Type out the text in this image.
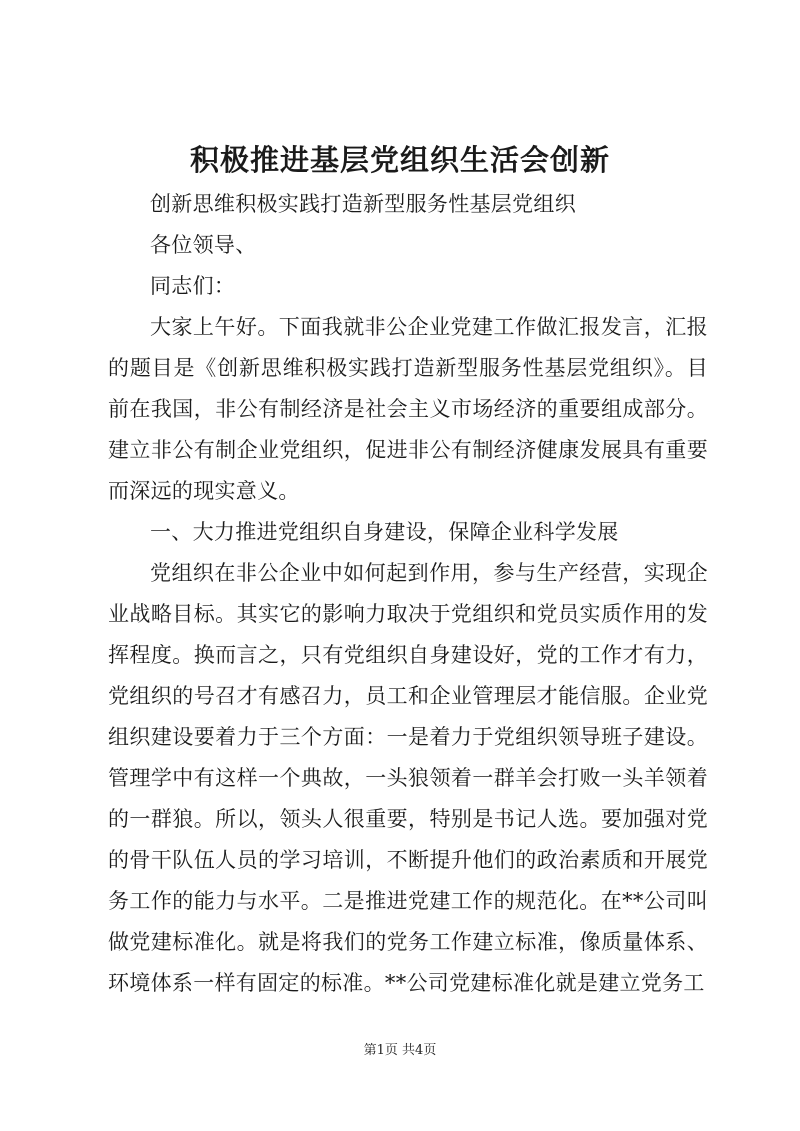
积极推进基层党组织生活会创新

创新思维积极实践打造新型服务性基层党组织

各位领导、

同志们：

大家上午好。下面我就非公企业党建工作做汇报发言，汇报的题目是《创新思维积极实践打造新型服务性基层党组织》。目前在我国，非公有制经济是社会主义市场经济的重要组成部分。建立非公有制企业党组织，促进非公有制经济健康发展具有重要而深远的现实意义。

一、大力推进党组织自身建设，保障企业科学发展

党组织在非公企业中如何起到作用，参与生产经营，实现企业战略目标。其实它的影响力取决于党组织和党员实质作用的发挥程度。换而言之，只有党组织自身建设好，党的工作才有力，党组织的号召才有感召力，员工和企业管理层才能信服。企业党组织建设要着力于三个方面：一是着力于党组织领导班子建设。管理学中有这样一个典故，一头狼领着一群羊会打败一头羊领着的一群狼。所以，领头人很重要，特别是书记人选。要加强对党的骨干队伍人员的学习培训，不断提升他们的政治素质和开展党务工作的能力与水平。二是推进党建工作的规范化。在**公司叫做党建标准化。就是将我们的党务工作建立标准，像质量体系、环境体系一样有固定的标准。**公司党建标准化就是建立党务工

第1页 共4页
